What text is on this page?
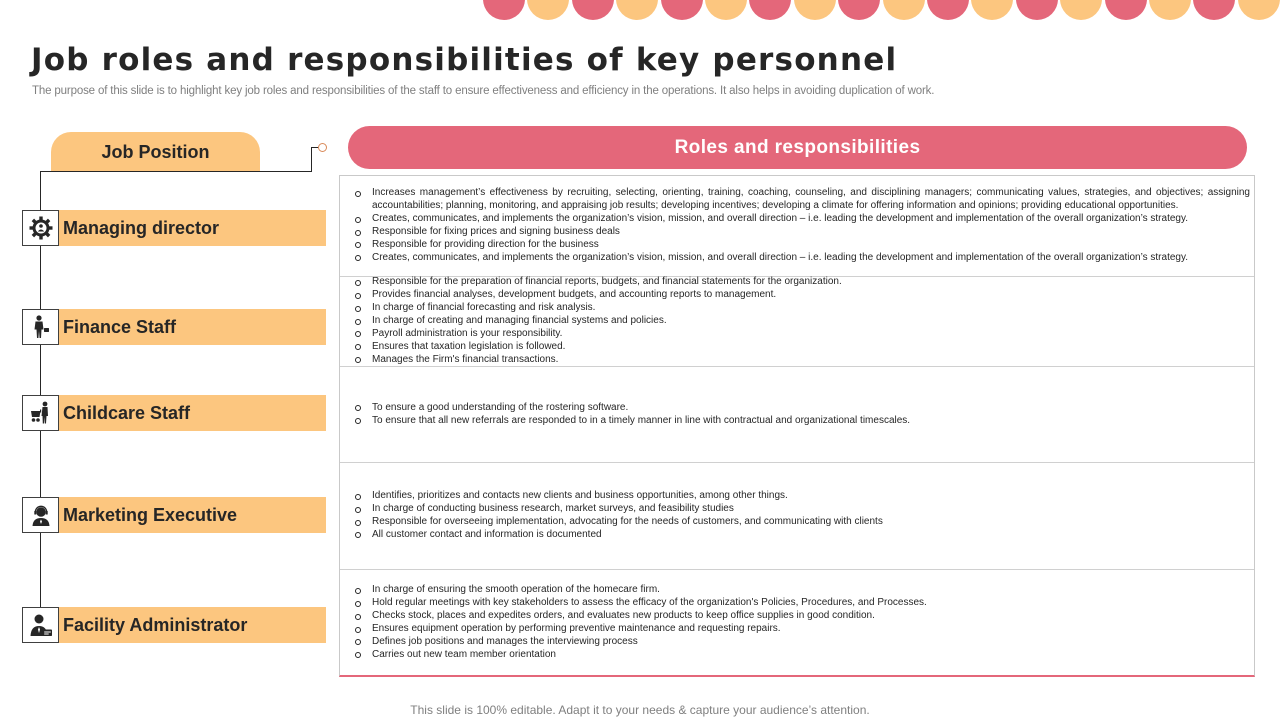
Job roles and responsibilities of key personnel
The purpose of this slide is to highlight key job roles and responsibilities of the staff to ensure effectiveness and efficiency in the operations. It also helps in avoiding duplication of work.
Job Position	Roles and responsibilities
Managing director
Finance Staff
Childcare Staff
Marketing Executive
Facility Administrator
Increases management’s effectiveness by recruiting, selecting, orienting, training, coaching, counseling, and disciplining managers; communicating values, strategies, and objectives; assigning accountabilities; planning, monitoring, and appraising job results; developing incentives; developing a climate for offering information and opinions; providing educational opportunities.
Creates, communicates, and implements the organization’s vision, mission, and overall direction – i.e. leading the development and implementation of the overall organization’s strategy.
Responsible for fixing prices and signing business deals
Responsible for providing direction for the business
Creates, communicates, and implements the organization’s vision, mission, and overall direction – i.e. leading the development and implementation of the overall organization’s strategy.
Responsible for the preparation of financial reports, budgets, and financial statements for the organization.
Provides financial analyses, development budgets, and accounting reports to management.
In charge of financial forecasting and risk analysis.
In charge of creating and managing financial systems and policies.
Payroll administration is your responsibility.
Ensures that taxation legislation is followed.
Manages the Firm's financial transactions.
To ensure a good understanding of the rostering software.
To ensure that all new referrals are responded to in a timely manner in line with contractual and organizational timescales.
Identifies, prioritizes and contacts new clients and business opportunities, among other things.
In charge of conducting business research, market surveys, and feasibility studies
Responsible for overseeing implementation, advocating for the needs of customers, and communicating with clients
All customer contact and information is documented
In charge of ensuring the smooth operation of the homecare firm.
Hold regular meetings with key stakeholders to assess the efficacy of the organization's Policies, Procedures, and Processes.
Checks stock, places and expedites orders, and evaluates new products to keep office supplies in good condition.
Ensures equipment operation by performing preventive maintenance and requesting repairs.
Defines job positions and manages the interviewing process
Carries out new team member orientation
This slide is 100% editable. Adapt it to your needs & capture your audience’s attention.
